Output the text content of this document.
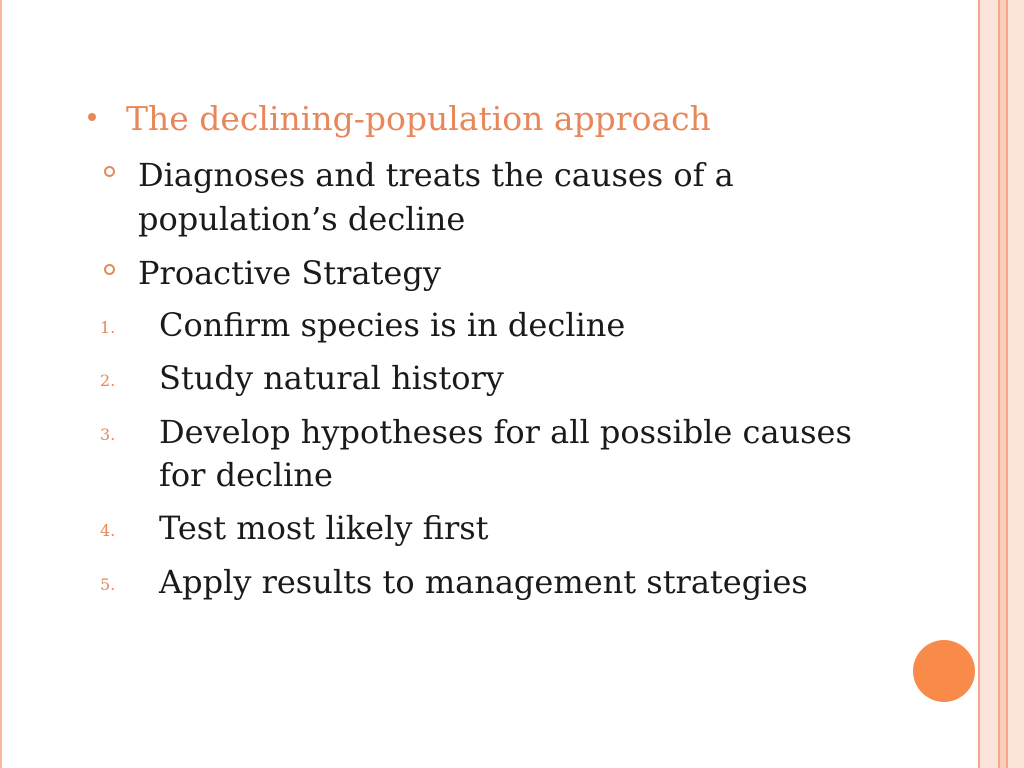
The declining-population approach
Diagnoses and treats the causes of a population’s decline
Proactive Strategy
1. Confirm species is in decline
2. Study natural history
3. Develop hypotheses for all possible causes for decline
4. Test most likely first
5. Apply results to management strategies
